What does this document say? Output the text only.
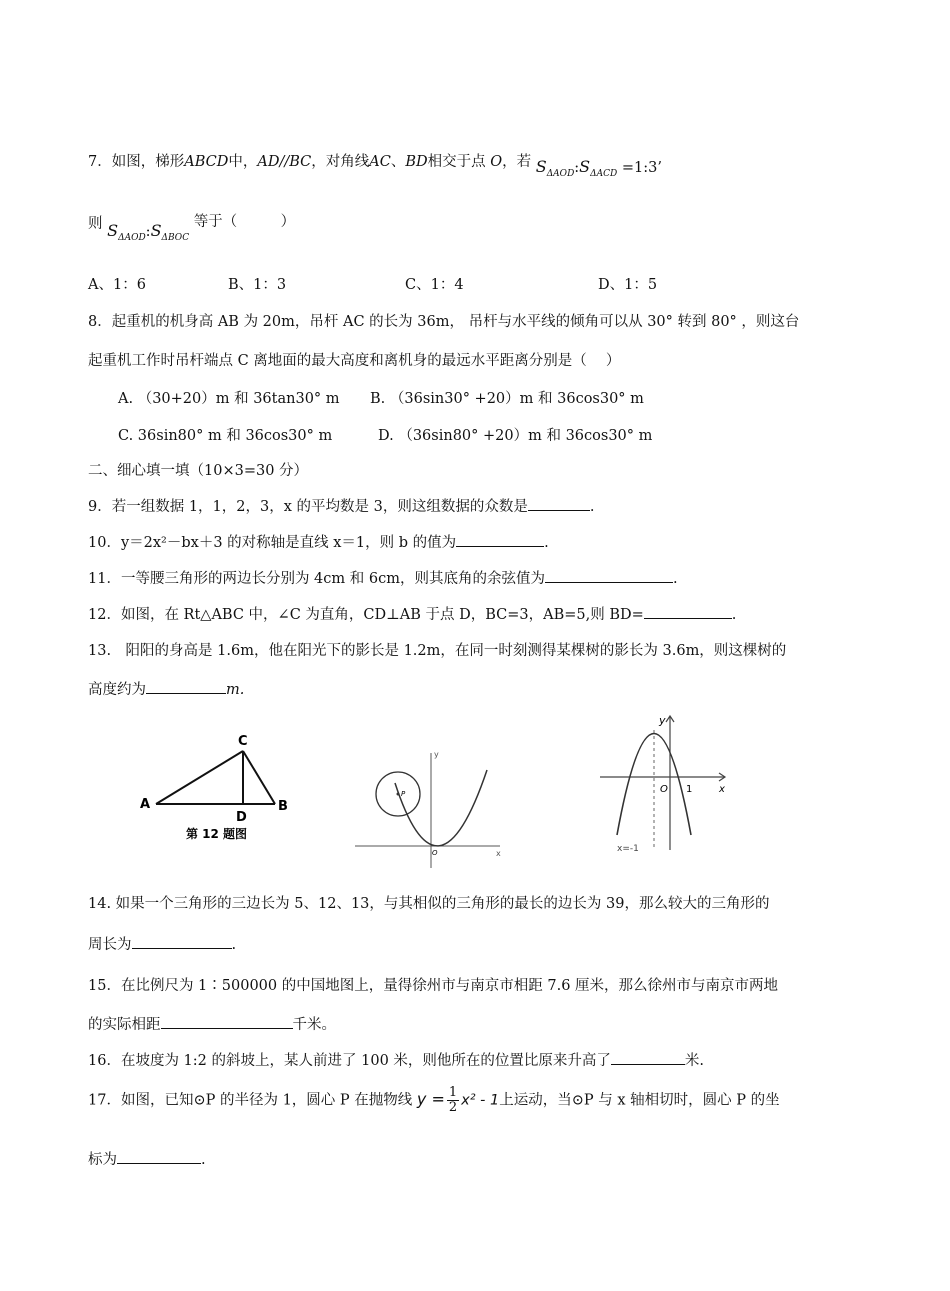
7．如图，梯形ABCD中，AD//BC，对角线AC、BD相交于点 O，若 $S_{\Delta AOD}:S_{\Delta ACD}$ =1:3’
则 $S_{\Delta AOD}:S_{\Delta BOC}$ 等于（　　　）
A、1：6	B、1：3	C、1：4	D、1：5
8．起重机的机身高 AB 为 20m，吊杆 AC 的长为 36m， 吊杆与水平线的倾角可以从 30° 转到 80° ，则这台
起重机工作时吊杆端点 C 离地面的最大高度和离机身的最远水平距离分别是（　 ）
A. （30+20）m 和 36tan30° m B. （36sin30° +20）m 和 36cos30° m
C. 36sin80° m 和 36cos30° m	D. （36sin80° +20）m 和 36cos30° m
二、细心填一填（10×3=30 分）
9．若一组数据 1，1，2，3，x 的平均数是 3，则这组数据的众数是	.
10．y＝2x²－bx＋3 的对称轴是直线 x＝1，则 b 的值为	.
11．一等腰三角形的两边长分别为 4cm 和 6cm，则其底角的余弦值为	.
12．如图，在 Rt△ABC 中，∠C 为直角，CD⊥AB 于点 D，BC=3，AB=5,则 BD=	.
13.　阳阳的身高是 1.6m，他在阳光下的影长是 1.2m，在同一时刻测得某棵树的影长为 3.6m，则这棵树的
高度约为	m.
C
A	B
D
第 12 题图
y
x
P
O
y
x
O 1
x=-1
14. 如果一个三角形的三边长为 5、12、13，与其相似的三角形的最长的边长为 39，那么较大的三角形的
周长为	.
15．在比例尺为 1∶500000 的中国地图上，量得徐州市与南京市相距 7.6 厘米，那么徐州市与南京市两地
的实际相距	千米。
16．在坡度为 1:2 的斜坡上，某人前进了 100 米，则他所在的位置比原来升高了	米.
17．如图，已知⊙P 的半径为 1，圆心 P 在抛物线 $y = \frac{1}{2} x^2 - 1$上运动，当⊙P 与 x 轴相切时，圆心 P 的坐
标为	.
